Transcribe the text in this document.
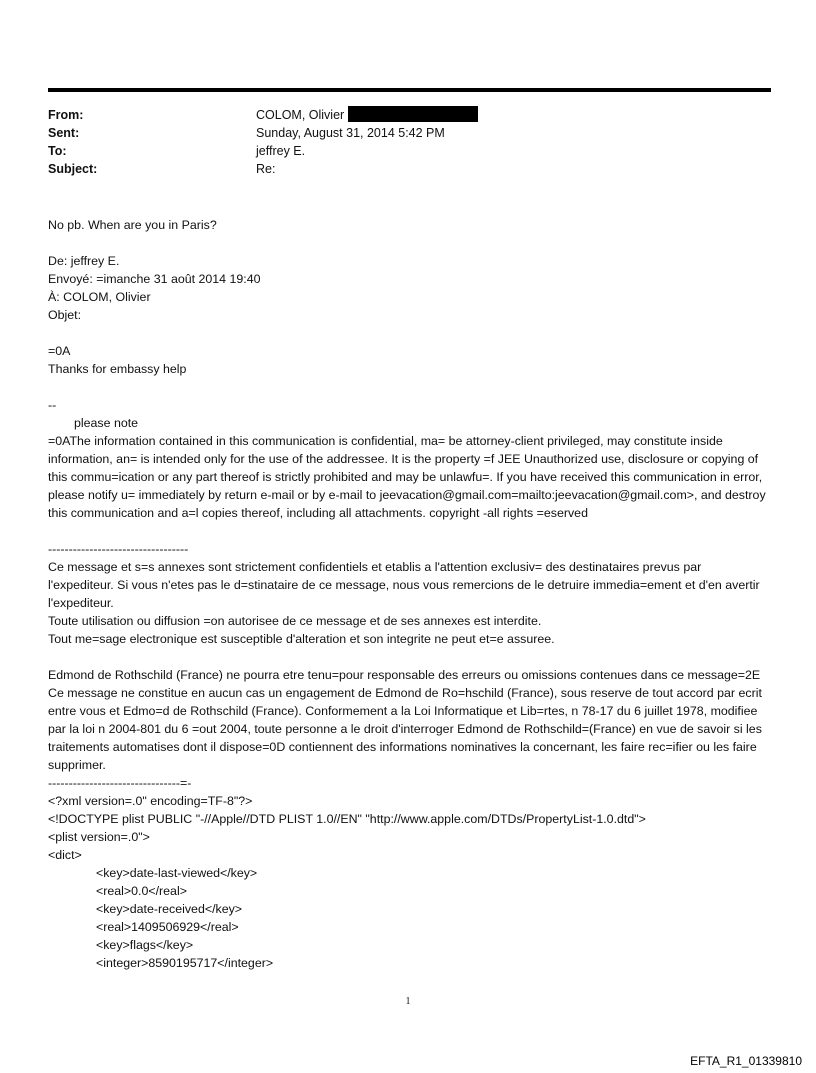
From:	COLOM, Olivier
Sent:	Sunday, August 31, 2014 5:42 PM
To:	jeffrey E.
Subject:	Re:
No pb. When are you in Paris?
De: jeffrey E.
Envoyé: =imanche 31 août 2014 19:40
À: COLOM, Olivier
Objet:
=0A
Thanks for embassy help
--
please note
=0AThe information contained in this communication is confidential, ma= be attorney-client privileged, may constitute inside information, an= is intended only for the use of the addressee. It is the property =f JEE Unauthorized use, disclosure or copying of this commu=ication or any part thereof is strictly prohibited and may be unlawfu=. If you have received this communication in error, please notify u= immediately by return e-mail or by e-mail to jeevacation@gmail.com=mailto:jeevacation@gmail.com>, and destroy this communication and a=l copies thereof, including all attachments. copyright -all rights =eserved
----------------------------------
Ce message et s=s annexes sont strictement confidentiels et etablis a l'attention exclusiv= des destinataires prevus par l'expediteur. Si vous n'etes pas le d=stinataire de ce message, nous vous remercions de le detruire immedia=ement et d'en avertir l'expediteur.
Toute utilisation ou diffusion =on autorisee de ce message et de ses annexes est interdite.
Tout me=sage electronique est susceptible d'alteration et son integrite ne peut et=e assuree.
Edmond de Rothschild (France) ne pourra etre tenu=pour responsable des erreurs ou omissions contenues dans ce message=2E Ce message ne constitue en aucun cas un engagement de Edmond de Ro=hschild (France), sous reserve de tout accord par ecrit entre vous et Edmo=d de Rothschild (France). Conformement a la Loi Informatique et Lib=rtes, n 78-17 du 6 juillet 1978, modifiee par la loi n 2004-801 du 6 =out 2004, toute personne a le droit d'interroger Edmond de Rothschild=(France) en vue de savoir si les traitements automatises dont il dispose=0D contiennent des informations nominatives la concernant, les faire rec=ifier ou les faire supprimer.
--------------------------------=-
<?xml version=.0" encoding=TF-8"?>
<!DOCTYPE plist PUBLIC "-//Apple//DTD PLIST 1.0//EN" "http://www.apple.com/DTDs/PropertyList-1.0.dtd">
<plist version=.0">
<dict>
<key>date-last-viewed</key>
<real>0.0</real>
<key>date-received</key>
<real>1409506929</real>
<key>flags</key>
<integer>8590195717</integer>
1
EFTA_R1_01339810
